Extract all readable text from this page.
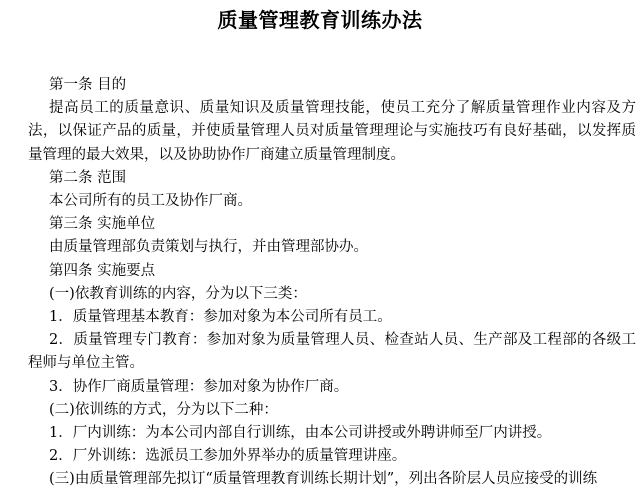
质量管理教育训练办法

第一条 目的

提高员工的质量意识、质量知识及质量管理技能，使员工充分了解质量管理作业内容及方法，以保证产品的质量，并使质量管理人员对质量管理理论与实施技巧有良好基础，以发挥质量管理的最大效果，以及协助协作厂商建立质量管理制度。

第二条 范围

本公司所有的员工及协作厂商。

第三条 实施单位

由质量管理部负责策划与执行，并由管理部协办。

第四条 实施要点

(一)依教育训练的内容，分为以下三类：

1．质量管理基本教育：参加对象为本公司所有员工。

2．质量管理专门教育：参加对象为质量管理人员、检查站人员、生产部及工程部的各级工程师与单位主管。

3．协作厂商质量管理：参加对象为协作厂商。

(二)依训练的方式，分为以下二种：

1．厂内训练：为本公司内部自行训练，由本公司讲授或外聘讲师至厂内讲授。

2．厂外训练：选派员工参加外界举办的质量管理讲座。

(三)由质量管理部先拟订“质量管理教育训练长期计划”，列出各阶层人员应接受的训练
